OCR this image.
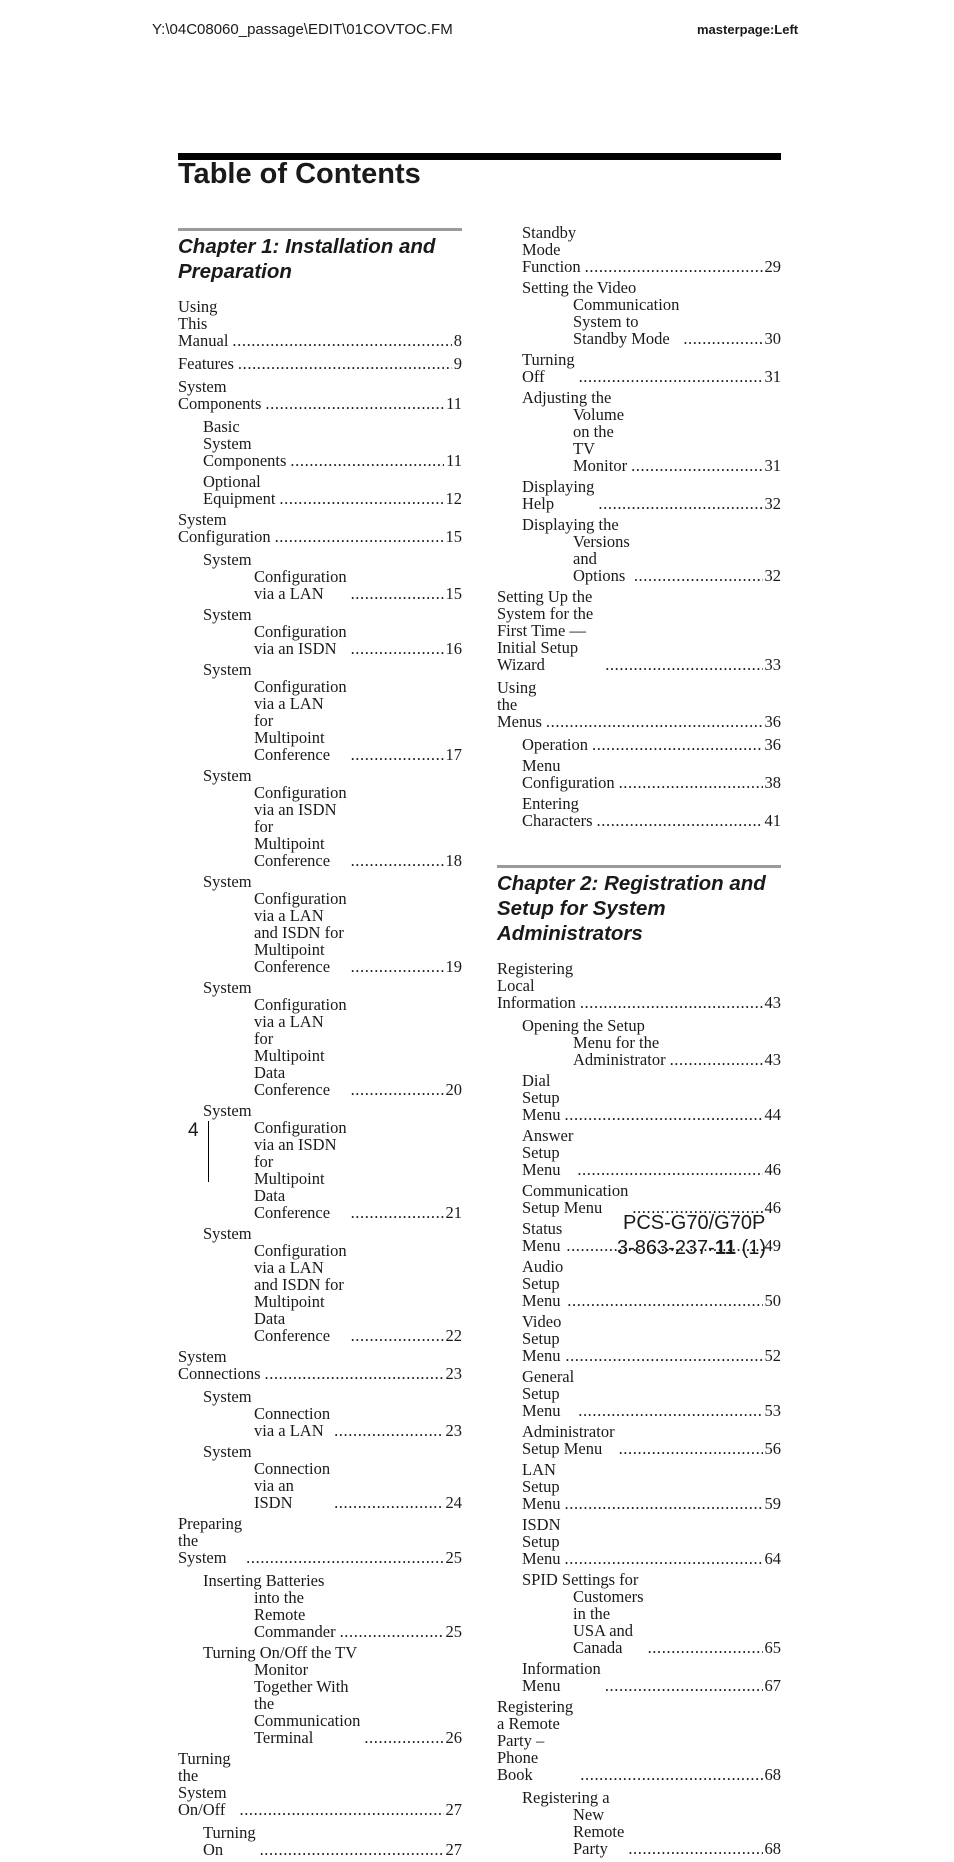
Y:\04C08060_passage\EDIT\01COVTOC.FM	masterpage:Left
Table of Contents
Chapter 1: Installation and
Preparation
Using This Manual .....	8
Features .....	9
System Components .....	11
Basic System Components .....	11
Optional Equipment .....	12
System Configuration .....	15
System Configuration via a LAN .....	15
System Configuration via an ISDN .....	16
System Configuration via a LAN for Multipoint Conference .....	17
System Configuration via an ISDN for Multipoint Conference .....	18
System Configuration via a LAN and ISDN for Multipoint Conference .....	19
System Configuration via a LAN for Multipoint Data Conference .....	20
System Configuration via an ISDN for Multipoint Data Conference .....	21
System Configuration via a LAN and ISDN for Multipoint Data Conference .....	22
System Connections .....	23
System Connection via a LAN .....	23
System Connection via an ISDN .....	24
Preparing the System .....	25
Inserting Batteries into the Remote Commander .....	25
Turning On/Off the TV Monitor Together With the Communication Terminal .....	26
Turning the System On/Off .....	27
Turning On .....	27
Standby Mode Function .....	29
Setting the Video Communication System to Standby Mode .....	30
Turning Off .....	31
Adjusting the Volume on the TV Monitor .....	31
Displaying Help .....	32
Displaying the Versions and Options .....	32
Setting Up the System for the First Time — Initial Setup Wizard .....	33
Using the Menus .....	36
Operation .....	36
Menu Configuration .....	38
Entering Characters .....	41
Chapter 2: Registration and
Setup for System
Administrators
Registering Local Information .....	43
Opening the Setup Menu for the Administrator .....	43
Dial Setup Menu .....	44
Answer Setup Menu .....	46
Communication Setup Menu .....	46
Status Menu .....	49
Audio Setup Menu .....	50
Video Setup Menu .....	52
General Setup Menu .....	53
Administrator Setup Menu .....	56
LAN Setup Menu .....	59
ISDN Setup Menu .....	64
SPID Settings for Customers in the USA and Canada .....	65
Information Menu .....	67
Registering a Remote Party – Phone Book .....	68
Registering a New Remote Party .....	68
4
PCS-G70/G70P
3-863-237-11 (1)
